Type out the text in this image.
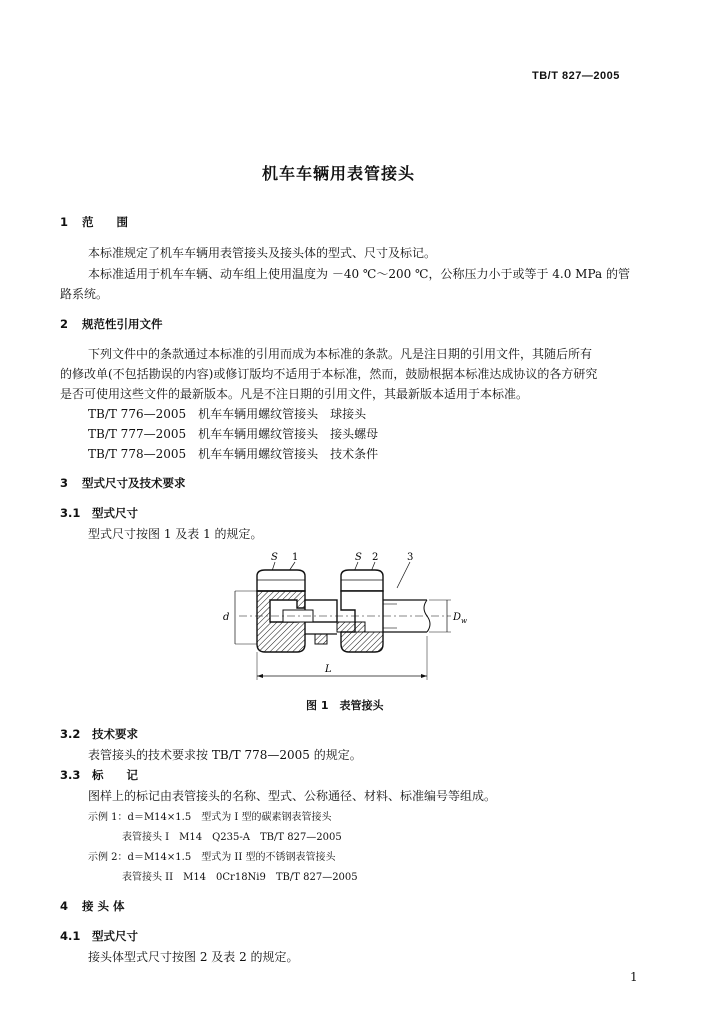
TB/T 827—2005
机车车辆用表管接头
1 范　　围
本标准规定了机车车辆用表管接头及接头体的型式、尺寸及标记。
本标准适用于机车车辆、动车组上使用温度为 －40 ℃～200 ℃，公称压力小于或等于 4.0 MPa 的管
路系统。
2 规范性引用文件
下列文件中的条款通过本标准的引用而成为本标准的条款。凡是注日期的引用文件，其随后所有
的修改单(不包括勘误的内容)或修订版均不适用于本标准，然而，鼓励根据本标准达成协议的各方研究
是否可使用这些文件的最新版本。凡是不注日期的引用文件，其最新版本适用于本标准。
TB/T 776—2005　机车车辆用螺纹管接头　球接头
TB/T 777—2005　机车车辆用螺纹管接头　接头螺母
TB/T 778—2005　机车车辆用螺纹管接头　技术条件
3 型式尺寸及技术要求
3.1 型式尺寸
型式尺寸按图 1 及表 1 的规定。
S 1	S 2	3
d	D w
L
图 1　表管接头
3.2 技术要求
表管接头的技术要求按 TB/T 778—2005 的规定。
3.3 标　　记
图样上的标记由表管接头的名称、型式、公称通径、材料、标准编号等组成。
示例 1：d＝M14×1.5　型式为 I 型的碳素钢表管接头
表管接头 I　M14　Q235-A　TB/T 827—2005
示例 2：d＝M14×1.5　型式为 II 型的不锈钢表管接头
表管接头 II　M14　0Cr18Ni9　TB/T 827—2005
4 接 头 体
4.1 型式尺寸
接头体型式尺寸按图 2 及表 2 的规定。
1
